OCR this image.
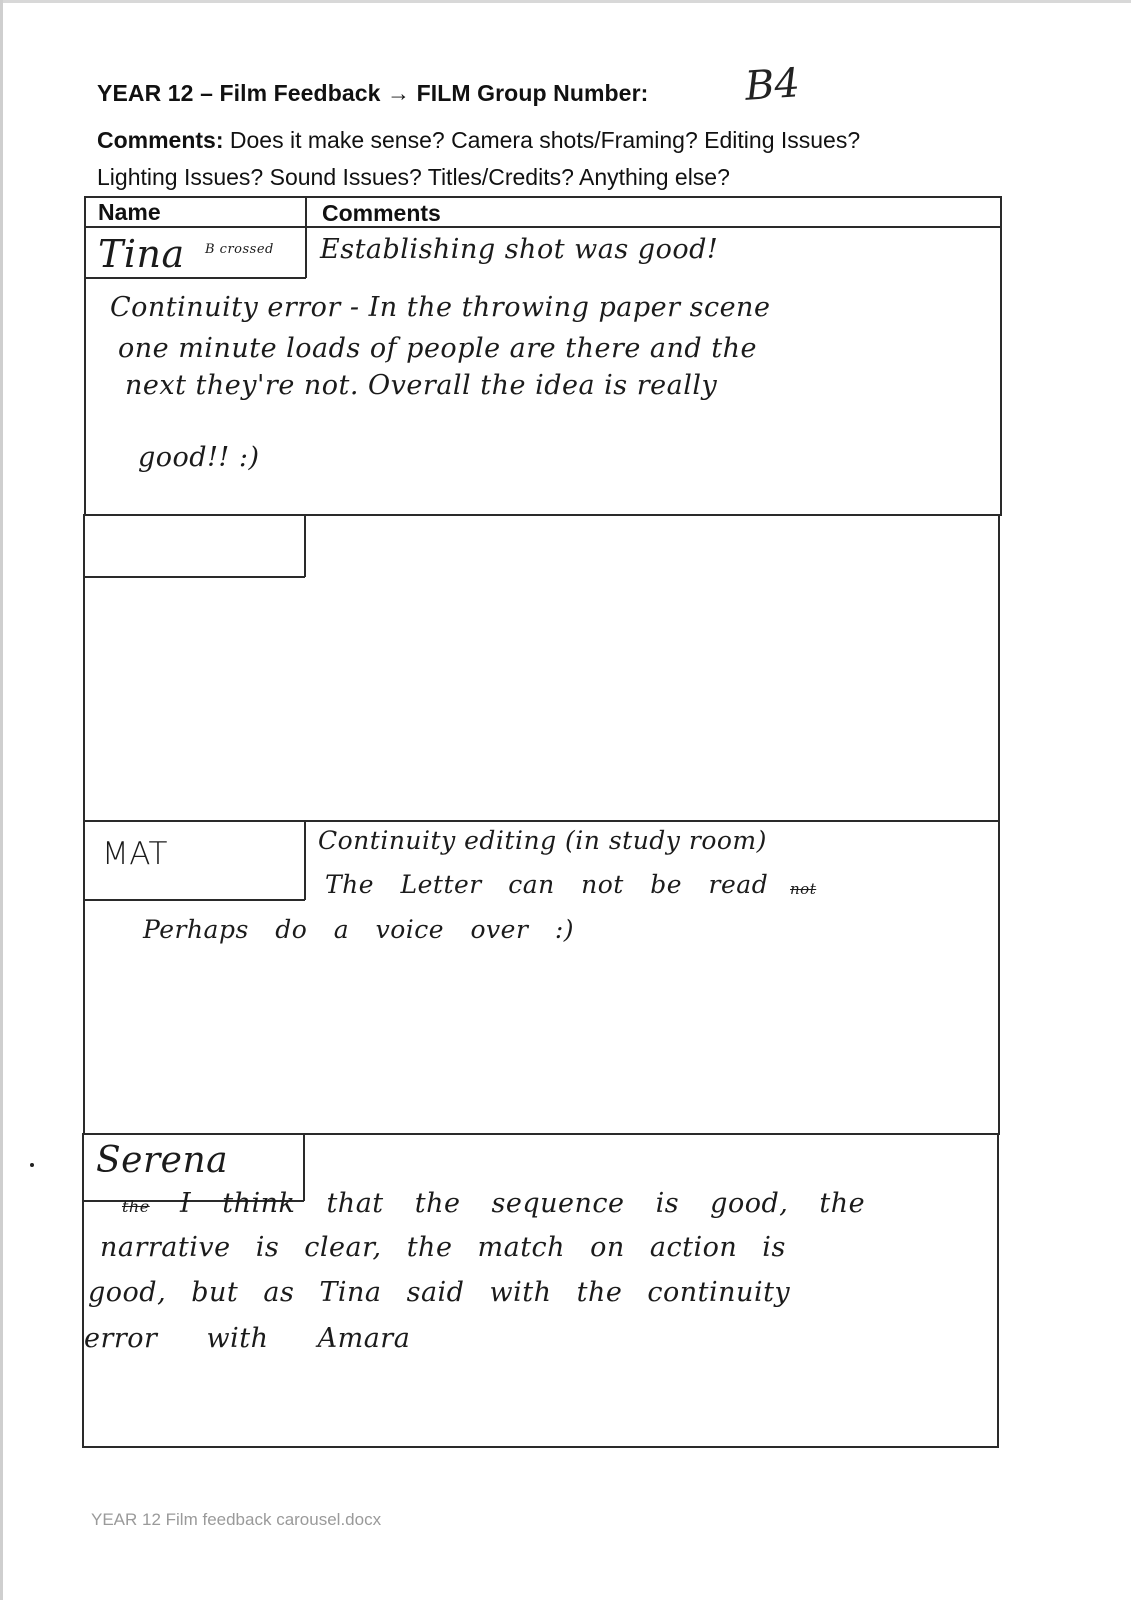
YEAR 12 – Film Feedback → FILM Group Number: B4
Comments: Does it make sense? Camera shots/Framing? Editing Issues?
Lighting Issues? Sound Issues? Titles/Credits? Anything else?
Name	Comments
Tina B crossed	Establishing shot was good!
Continuity error - In the throwing paper scene
one minute loads of people are there and the
next they're not. Overall the idea is really
good!! :)
MAT	Continuity editing (in study room)
The Letter can not be read not
Perhaps do a voice over :)
Serena
the I think that the sequence is good, the
narrative is clear, the match on action is
good, but as Tina said with the continuity
error with Amara
YEAR 12 Film feedback carousel.docx
